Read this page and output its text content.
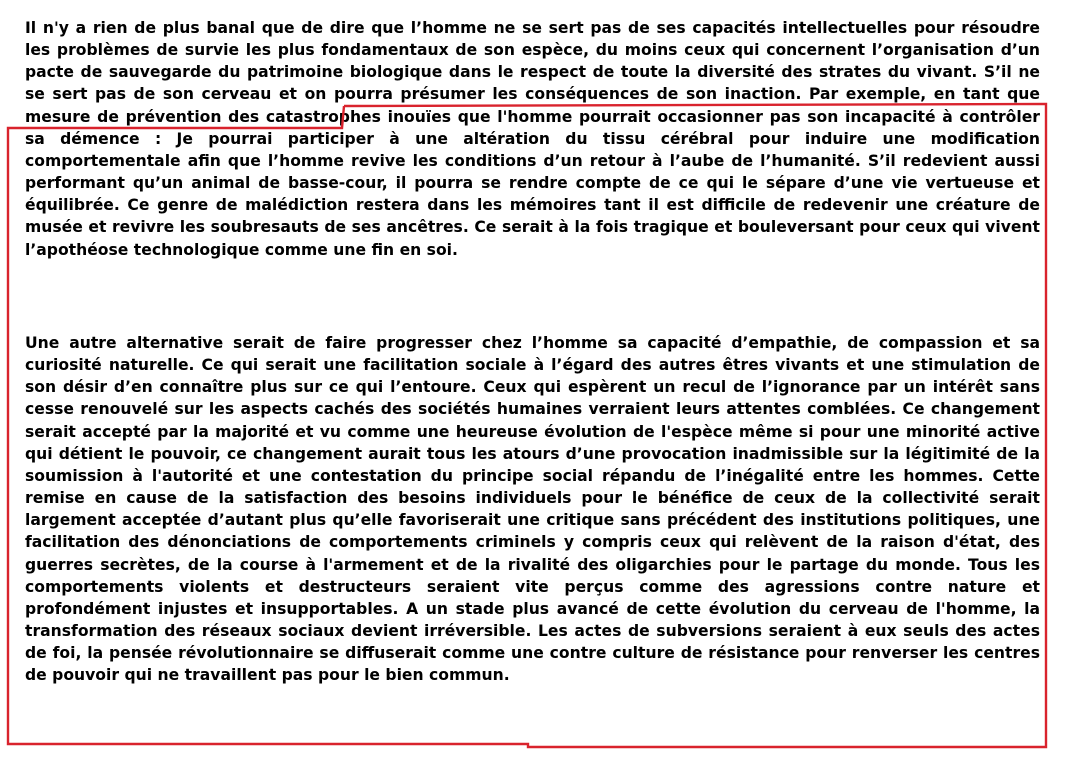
Il n'y a rien de plus banal que de dire que l’homme ne se sert pas de ses capacités intellectuelles pour résoudre les problèmes de survie les plus fondamentaux de son espèce, du moins ceux qui concernent l’organisation d’un pacte de sauvegarde du patrimoine biologique dans le respect de toute la diversité des strates du vivant. S’il ne se sert pas de son cerveau et on pourra présumer les conséquences de son inaction. Par exemple, en tant que mesure de prévention des catastrophes inouïes que l'homme pourrait occasionner pas son incapacité à contrôler sa démence : Je pourrai participer à une altération du tissu cérébral pour induire une modification comportementale afin que l’homme revive les conditions d’un retour à l’aube de l’humanité. S’il redevient aussi performant qu’un animal de basse-cour, il pourra se rendre compte de ce qui le sépare d’une vie vertueuse et équilibrée. Ce genre de malédiction restera dans les mémoires tant il est difficile de redevenir une créature de musée et revivre les soubresauts de ses ancêtres. Ce serait à la fois tragique et bouleversant pour ceux qui vivent l’apothéose technologique comme une fin en soi.

Une autre alternative serait de faire progresser chez l’homme sa capacité d’empathie, de compassion et sa curiosité naturelle. Ce qui serait une facilitation sociale à l’égard des autres êtres vivants et une stimulation de son désir d’en connaître plus sur ce qui l’entoure. Ceux qui espèrent un recul de l’ignorance par un intérêt sans cesse renouvelé sur les aspects cachés des sociétés humaines verraient leurs attentes comblées. Ce changement serait accepté par la majorité et vu comme une heureuse évolution de l'espèce même si pour une minorité active qui détient le pouvoir, ce changement aurait tous les atours d’une provocation inadmissible sur la légitimité de la soumission à l'autorité et une contestation du principe social répandu de l’inégalité entre les hommes. Cette remise en cause de la satisfaction des besoins individuels pour le bénéfice de ceux de la collectivité serait largement acceptée d’autant plus qu’elle favoriserait une critique sans précédent des institutions politiques, une facilitation des dénonciations de comportements criminels y compris ceux qui relèvent de la raison d'état, des guerres secrètes, de la course à l'armement et de la rivalité des oligarchies pour le partage du monde. Tous les comportements violents et destructeurs seraient vite perçus comme des agressions contre nature et profondément injustes et insupportables. A un stade plus avancé de cette évolution du cerveau de l'homme, la transformation des réseaux sociaux devient irréversible. Les actes de subversions seraient à eux seuls des actes de foi, la pensée révolutionnaire se diffuserait comme une contre culture de résistance pour renverser les centres de pouvoir qui ne travaillent pas pour le bien commun.
